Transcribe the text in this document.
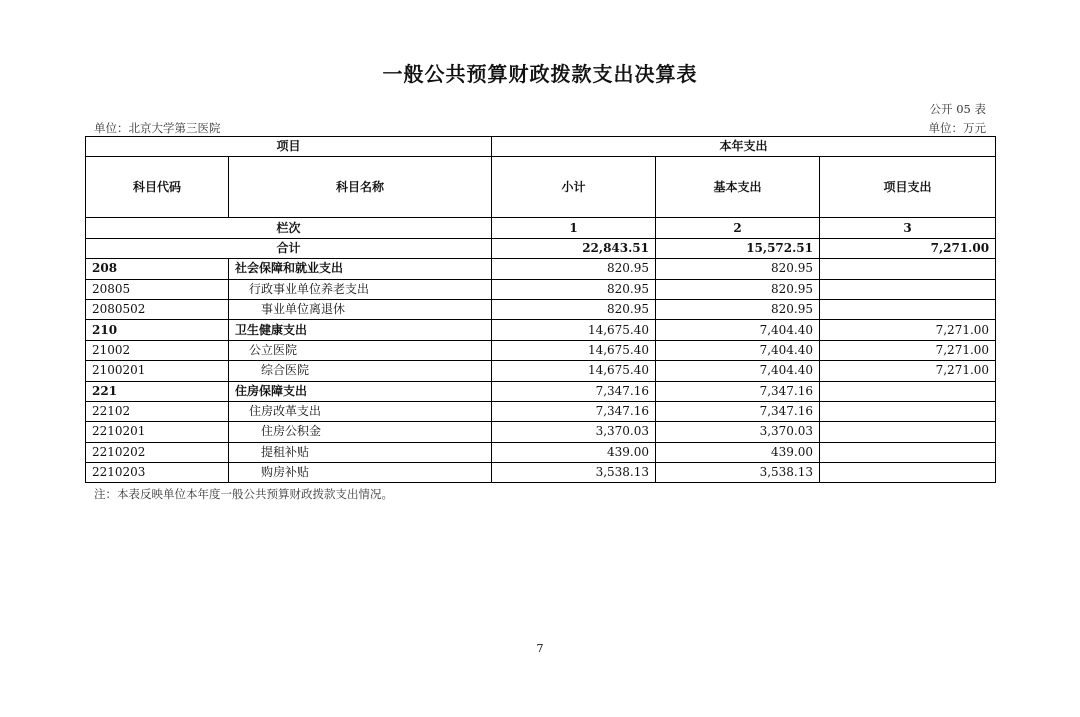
一般公共预算财政拨款支出决算表
公开 05 表
单位：北京大学第三医院	单位：万元
项目		本年支出		
科目代码	科目名称	小计	基本支出	项目支出
栏次		1	2	3
合计		22,843.51	15,572.51	7,271.00
208	社会保障和就业支出	820.95	820.95	
20805	行政事业单位养老支出	820.95	820.95	
2080502	事业单位离退休	820.95	820.95	
210	卫生健康支出	14,675.40	7,404.40	7,271.00
21002	公立医院	14,675.40	7,404.40	7,271.00
2100201	综合医院	14,675.40	7,404.40	7,271.00
221	住房保障支出	7,347.16	7,347.16	
22102	住房改革支出	7,347.16	7,347.16	
2210201	住房公积金	3,370.03	3,370.03	
2210202	提租补贴	439.00	439.00	
2210203	购房补贴	3,538.13	3,538.13	
注：本表反映单位本年度一般公共预算财政拨款支出情况。
7
